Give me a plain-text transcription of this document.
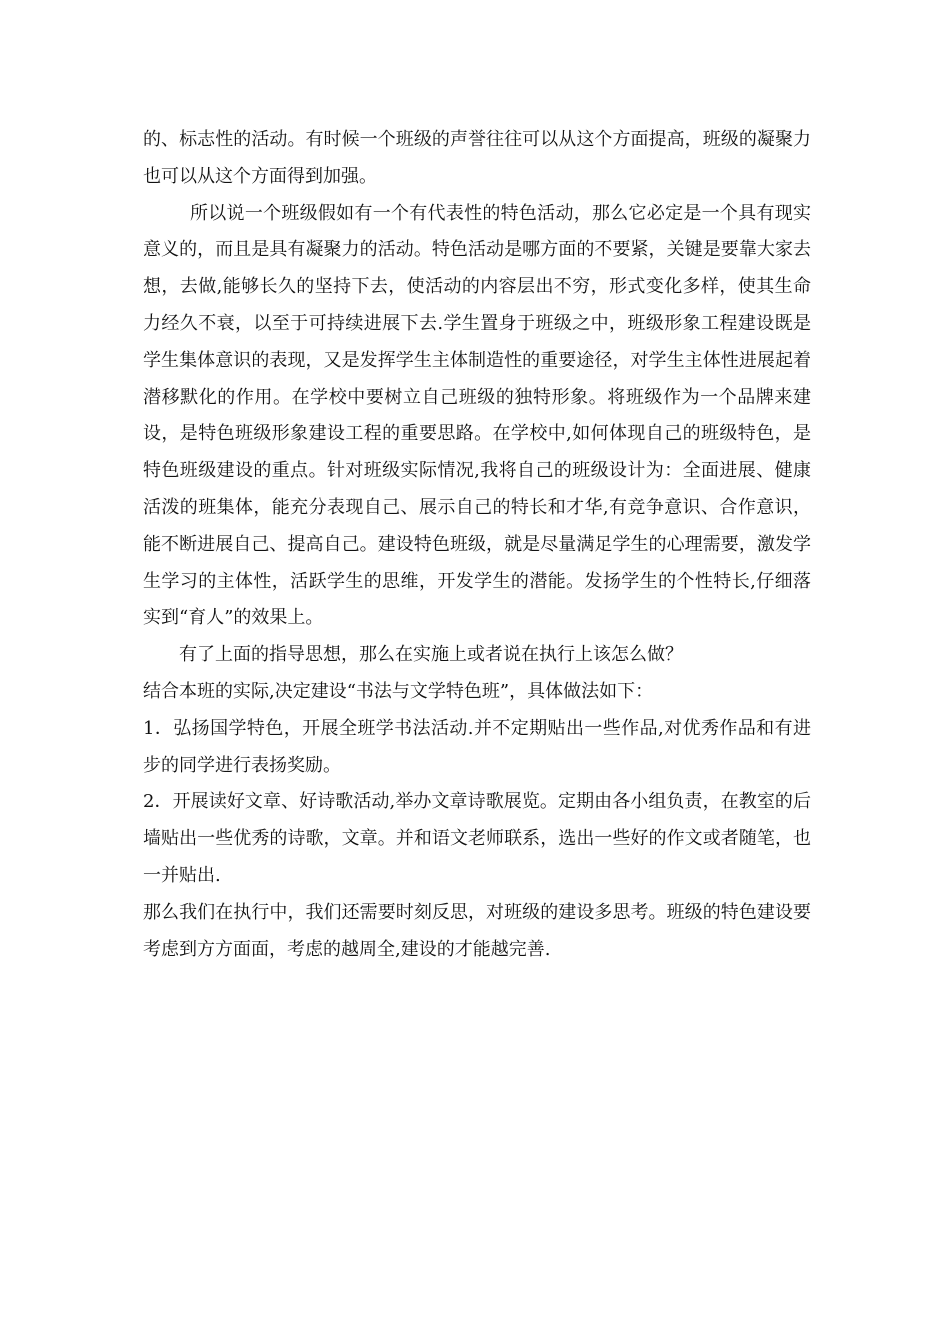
的、标志性的活动。有时候一个班级的声誉往往可以从这个方面提高，班级的凝聚力也可以从这个方面得到加强。

所以说一个班级假如有一个有代表性的特色活动，那么它必定是一个具有现实意义的，而且是具有凝聚力的活动。特色活动是哪方面的不要紧，关键是要靠大家去想，去做,能够长久的坚持下去，使活动的内容层出不穷，形式变化多样，使其生命力经久不衰，以至于可持续进展下去.学生置身于班级之中，班级形象工程建设既是学生集体意识的表现，又是发挥学生主体制造性的重要途径，对学生主体性进展起着潜移默化的作用。在学校中要树立自己班级的独特形象。将班级作为一个品牌来建设，是特色班级形象建设工程的重要思路。在学校中,如何体现自己的班级特色，是特色班级建设的重点。针对班级实际情况,我将自己的班级设计为：全面进展、健康活泼的班集体，能充分表现自己、展示自己的特长和才华,有竞争意识、合作意识，能不断进展自己、提高自己。建设特色班级，就是尽量满足学生的心理需要，激发学生学习的主体性，活跃学生的思维，开发学生的潜能。发扬学生的个性特长,仔细落实到“育人”的效果上。

有了上面的指导思想，那么在实施上或者说在执行上该怎么做？

结合本班的实际,决定建设“书法与文学特色班”，具体做法如下：

1．弘扬国学特色，开展全班学书法活动.并不定期贴出一些作品,对优秀作品和有进步的同学进行表扬奖励。

2．开展读好文章、好诗歌活动,举办文章诗歌展览。定期由各小组负责，在教室的后墙贴出一些优秀的诗歌，文章。并和语文老师联系，选出一些好的作文或者随笔，也一并贴出.

那么我们在执行中，我们还需要时刻反思，对班级的建设多思考。班级的特色建设要考虑到方方面面，考虑的越周全,建设的才能越完善.
